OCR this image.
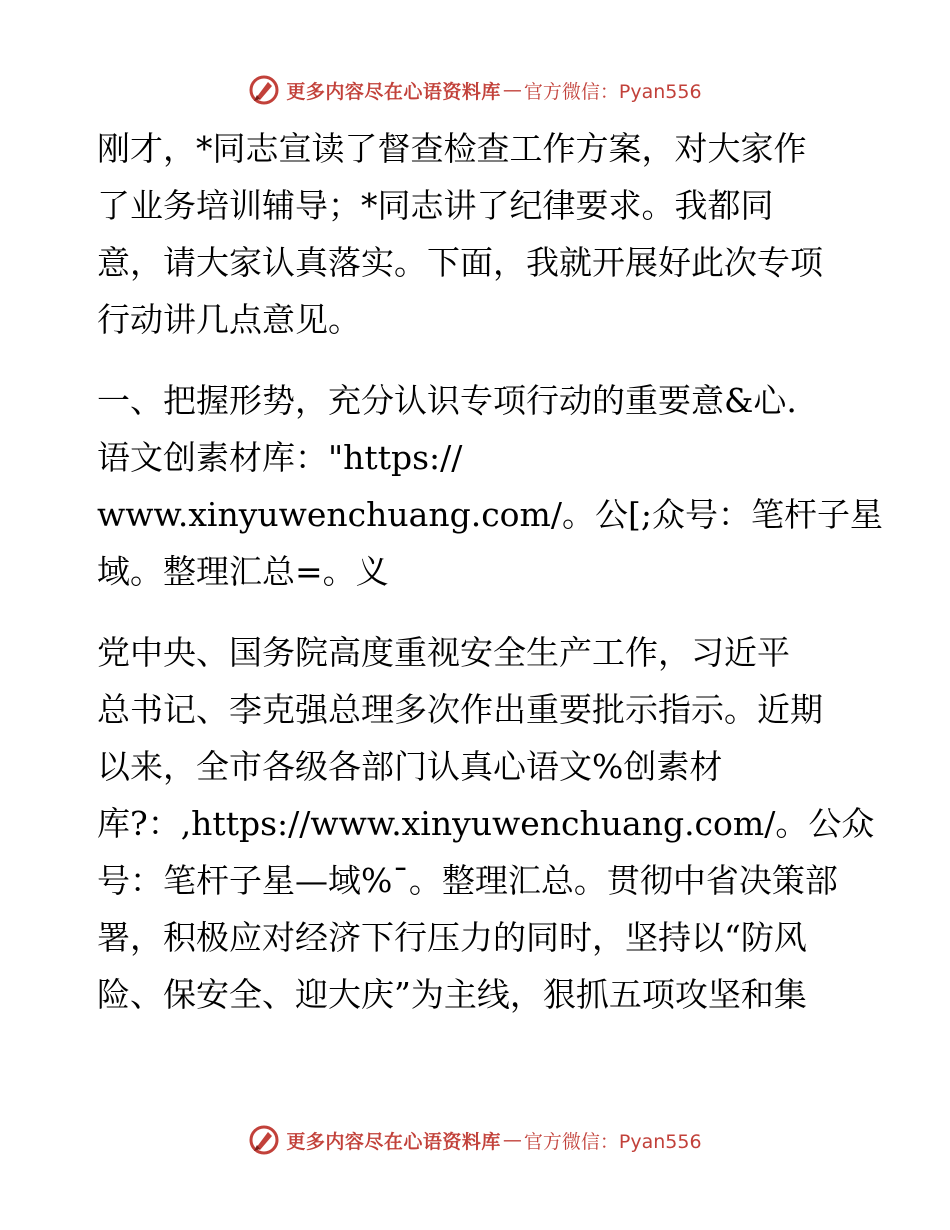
更多内容尽在心语资料库 — 官方微信：Pyan556

刚才，*同志宣读了督查检查工作方案，对大家作
了业务培训辅导；*同志讲了纪律要求。我都同
意，请大家认真落实。下面，我就开展好此次专项
行动讲几点意见。

一、把握形势，充分认识专项行动的重要意&心.
语文创素材库："https://
www.xinyuwenchuang.com/。公[;众号：笔杆子星
域。整理汇总=。义

党中央、国务院高度重视安全生产工作，习近平
总书记、李克强总理多次作出重要批示指示。近期
以来，全市各级各部门认真心语文%创素材
库?：,https://www.xinyuwenchuang.com/。公众
号：笔杆子星—域%¯。整理汇总。贯彻中省决策部
署，积极应对经济下行压力的同时，坚持以“防风
险、保安全、迎大庆”为主线，狠抓五项攻坚和集

更多内容尽在心语资料库 — 官方微信：Pyan556
